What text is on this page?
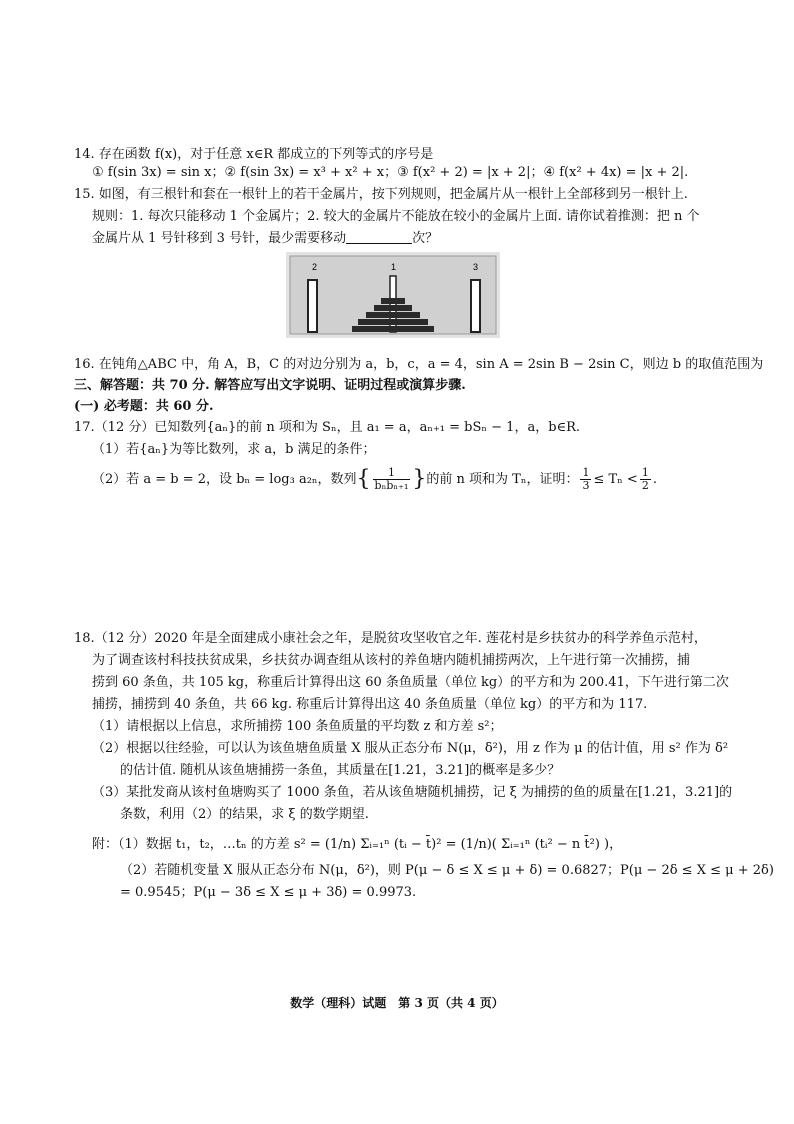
14. 存在函数 f(x)，对于任意 x∈R 都成立的下列等式的序号是
① f(sin 3x) = sin x；② f(sin 3x) = x³ + x² + x；③ f(x² + 2) = |x + 2|；④ f(x² + 4x) = |x + 2|.
15. 如图，有三根针和套在一根针上的若干金属片，按下列规则，把金属片从一根针上全部移到另一根针上.
规则：1. 每次只能移动 1 个金属片；2. 较大的金属片不能放在较小的金属片上面. 请你试着推测：把 n 个
金属片从 1 号针移到 3 号针，最少需要移动	次？
2	1	3
16. 在钝角△ABC 中，角 A，B，C 的对边分别为 a，b，c，a = 4，sin A = 2sin B − 2sin C，则边 b 的取值范围为
三、解答题：共 70 分. 解答应写出文字说明、证明过程或演算步骤.
(一) 必考题：共 60 分.
17.（12 分）已知数列{aₙ}的前 n 项和为 Sₙ，且 a₁ = a，aₙ₊₁ = bSₙ − 1，a，b∈R.
（1）若{aₙ}为等比数列，求 a，b 满足的条件；
（2）若 a = b = 2，设 bₙ = log₃ a₂ₙ，数列{ $\frac{1}{\text{bₙbₙ₊₁}}$ }的前 n 项和为 Tₙ，证明： $\frac{1}{3} \le T_n < \frac{1}{2}$ .
18.（12 分）2020 年是全面建成小康社会之年，是脱贫攻坚收官之年. 莲花村是乡扶贫办的科学养鱼示范村，
为了调查该村科技扶贫成果，乡扶贫办调查组从该村的养鱼塘内随机捕捞两次，上午进行第一次捕捞，捕
捞到 60 条鱼，共 105 kg，称重后计算得出这 60 条鱼质量（单位 kg）的平方和为 200.41，下午进行第二次
捕捞，捕捞到 40 条鱼，共 66 kg. 称重后计算得出这 40 条鱼质量（单位 kg）的平方和为 117.
（1）请根据以上信息，求所捕捞 100 条鱼质量的平均数 z 和方差 s²；
（2）根据以往经验，可以认为该鱼塘鱼质量 X 服从正态分布 N(μ，δ²)，用 z 作为 μ 的估计值，用 s² 作为 δ²
的估计值. 随机从该鱼塘捕捞一条鱼，其质量在[1.21，3.21]的概率是多少？
（3）某批发商从该村鱼塘购买了 1000 条鱼，若从该鱼塘随机捕捞，记 ξ 为捕捞的鱼的质量在[1.21，3.21]的
条数，利用（2）的结果，求 ξ 的数学期望.
附：（1）数据 t₁，t₂，…tₙ 的方差 s² = (1/n) Σᵢ₌₁ⁿ (tᵢ − t̄)² = (1/n)( Σᵢ₌₁ⁿ (tᵢ² − n t̄²) )，
（2）若随机变量 X 服从正态分布 N(μ，δ²)，则 P(μ − δ ≤ X ≤ μ + δ) = 0.6827；P(μ − 2δ ≤ X ≤ μ + 2δ)
= 0.9545；P(μ − 3δ ≤ X ≤ μ + 3δ) = 0.9973.
数学（理科）试题　第 3 页（共 4 页）
